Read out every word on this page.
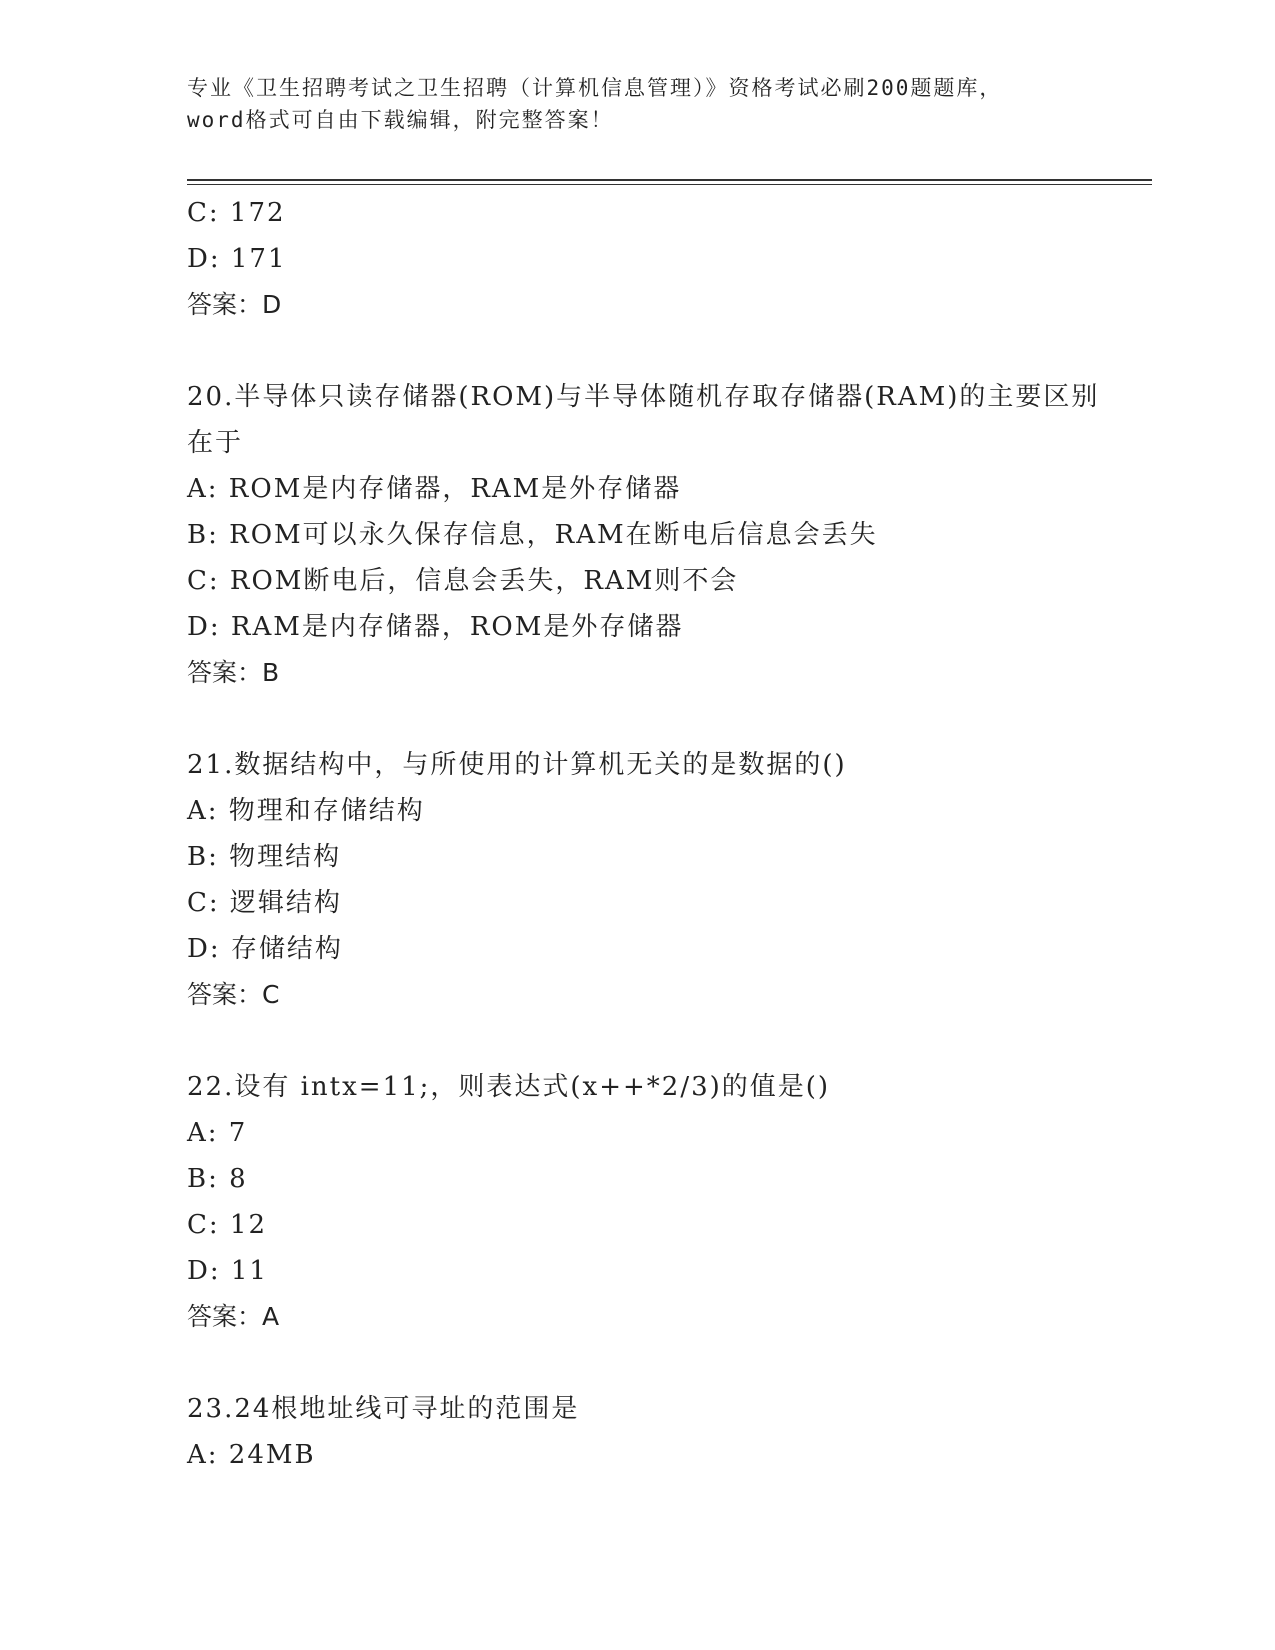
专业《卫生招聘考试之卫生招聘（计算机信息管理）》资格考试必刷200题题库，
word格式可自由下载编辑，附完整答案！
C: 172
D: 171
答案：D
20.半导体只读存储器(ROM)与半导体随机存取存储器(RAM)的主要区别
在于
A: ROM是内存储器，RAM是外存储器
B: ROM可以永久保存信息，RAM在断电后信息会丢失
C: ROM断电后，信息会丢失，RAM则不会
D: RAM是内存储器，ROM是外存储器
答案：B
21.数据结构中，与所使用的计算机无关的是数据的()
A: 物理和存储结构
B: 物理结构
C: 逻辑结构
D: 存储结构
答案：C
22.设有 intx=11;，则表达式(x++*2/3)的值是()
A: 7
B: 8
C: 12
D: 11
答案：A
23.24根地址线可寻址的范围是
A: 24MB
